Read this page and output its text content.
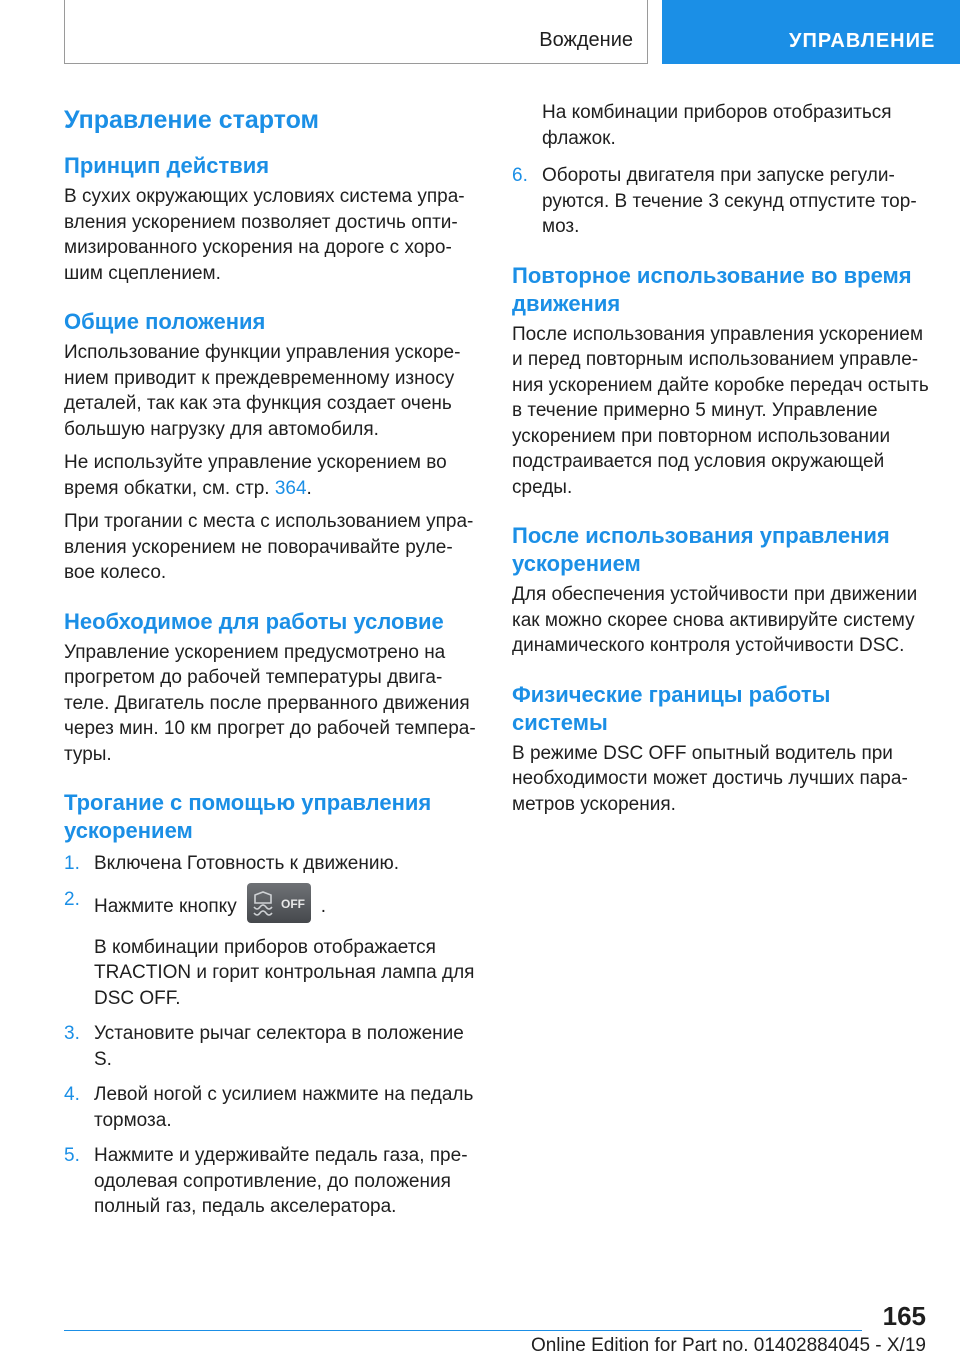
Вождение	УПРАВЛЕНИЕ
Управление стартом
Принцип действия

В сухих окружающих условиях система управления ускорением позволяет достичь оптимизированного ускорения на дороге с хорошим сцеплением.

Общие положения

Использование функции управления ускорением приводит к преждевременному износу деталей, так как эта функция создает очень большую нагрузку для автомобиля.

Не используйте управление ускорением во время обкатки, см. стр. 364.

При трогании с места с использованием управления ускорением не поворачивайте рулевое колесо.

Необходимое для работы условие

Управление ускорением предусмотрено на прогретом до рабочей температуры двигателе. Двигатель после прерванного движения через мин. 10 км прогрет до рабочей температуры.

Трогание с помощью управления ускорением
1. Включена Готовность к движению.

2. Нажмите кнопку	OFF .

В комбинации приборов отображается TRACTION и горит контрольная лампа для DSC OFF.

3. Установите рычаг селектора в положение S.

4. Левой ногой с усилием нажмите на педаль тормоза.

5. Нажмите и удерживайте педаль газа, преодолевая сопротивление, до положения полный газ, педаль акселератора.

На комбинации приборов отобразиться флажок.

6. Обороты двигателя при запуске регулируются. В течение 3 секунд отпустите тормоз.

Повторное использование во время движения

После использования управления ускорением и перед повторным использованием управления ускорением дайте коробке передач остыть в течение примерно 5 минут. Управление ускорением при повторном использовании подстраивается под условия окружающей среды.

После использования управления ускорением

Для обеспечения устойчивости при движении как можно скорее снова активируйте систему динамического контроля устойчивости DSC.

Физические границы работы системы

В режиме DSC OFF опытный водитель при необходимости может достичь лучших параметров ускорения.

165
Online Edition for Part no. 01402884045 - X/19
